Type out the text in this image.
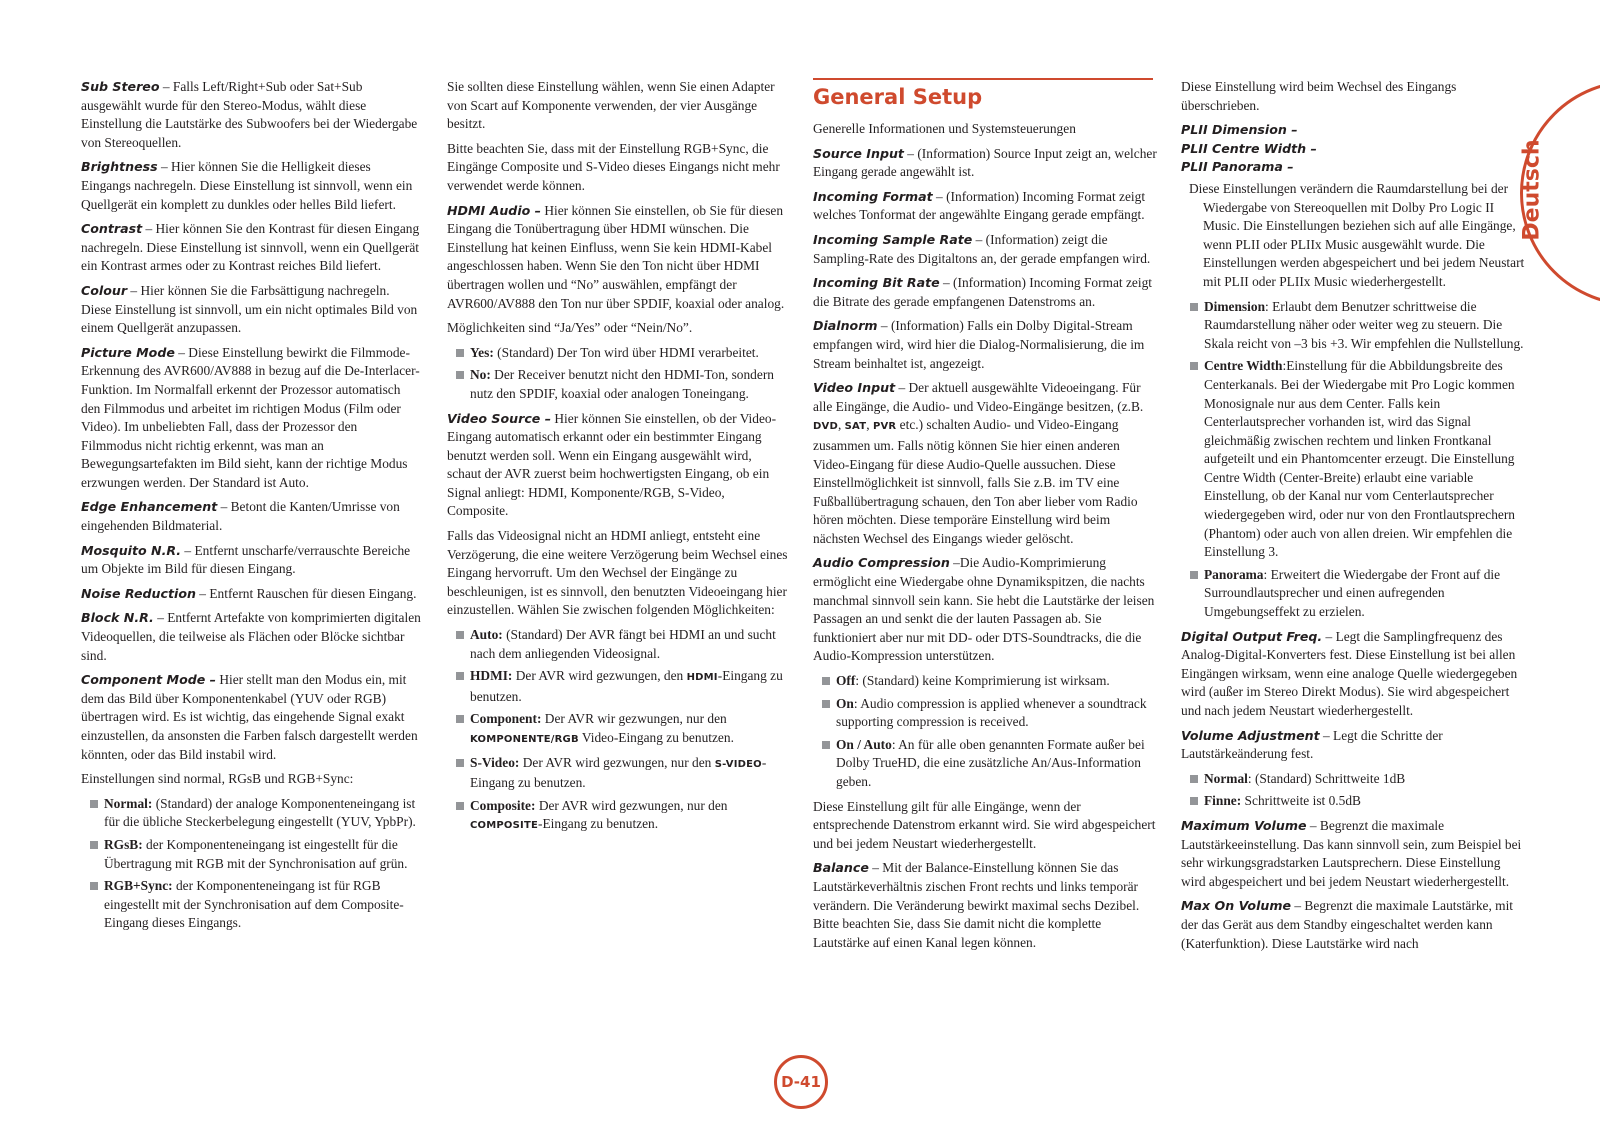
Sub Stereo – Falls Left/Right+Sub oder Sat+Sub ausgewählt wurde für den Stereo-Modus, wählt diese Einstellung die Lautstärke des Subwoofers bei der Wiedergabe von Stereoquellen.

Brightness – Hier können Sie die Helligkeit dieses Eingangs nachregeln. Diese Einstellung ist sinnvoll, wenn ein Quellgerät ein komplett zu dunkles oder helles Bild liefert.

Contrast – Hier können Sie den Kontrast für diesen Eingang nachregeln. Diese Einstellung ist sinnvoll, wenn ein Quellgerät ein Kontrast armes oder zu Kontrast reiches Bild liefert.

Colour – Hier können Sie die Farbsättigung nachregeln. Diese Einstellung ist sinnvoll, um ein nicht optimales Bild von einem Quellgerät anzupassen.

Picture Mode – Diese Einstellung bewirkt die Filmmode-Erkennung des AVR600/AV888 in bezug auf die De-Interlacer-Funktion. Im Normalfall erkennt der Prozessor automatisch den Filmmodus und arbeitet im richtigen Modus (Film oder Video). Im unbeliebten Fall, dass der Prozessor den Filmmodus nicht richtig erkennt, was man an Bewegungsartefakten im Bild sieht, kann der richtige Modus erzwungen werden. Der Standard ist Auto.

Edge Enhancement – Betont die Kanten/Umrisse von eingehenden Bildmaterial.

Mosquito N.R. – Entfernt unscharfe/verrauschte Bereiche um Objekte im Bild für diesen Eingang.

Noise Reduction – Entfernt Rauschen für diesen Eingang.

Block N.R. – Entfernt Artefakte von komprimierten digitalen Videoquellen, die teilweise als Flächen oder Blöcke sichtbar sind.

Component Mode – Hier stellt man den Modus ein, mit dem das Bild über Komponentenkabel (YUV oder RGB) übertragen wird. Es ist wichtig, das eingehende Signal exakt einzustellen, da ansonsten die Farben falsch dargestellt werden könnten, oder das Bild instabil wird.

Einstellungen sind normal, RGsB und RGB+Sync:

Normal: (Standard) der analoge Komponenteneingang ist für die übliche Steckerbelegung eingestellt (YUV, YpbPr).
RGsB: der Komponenteneingang ist eingestellt für die Übertragung mit RGB mit der Synchronisation auf grün.
RGB+Sync: der Komponenteneingang ist für RGB eingestellt mit der Synchronisation auf dem Composite-Eingang dieses Eingangs.

Sie sollten diese Einstellung wählen, wenn Sie einen Adapter von Scart auf Komponente verwenden, der vier Ausgänge besitzt.

Bitte beachten Sie, dass mit der Einstellung RGB+Sync, die Eingänge Composite und S-Video dieses Eingangs nicht mehr verwendet werde können.

HDMI Audio – Hier können Sie einstellen, ob Sie für diesen Eingang die Tonübertragung über HDMI wünschen. Die Einstellung hat keinen Einfluss, wenn Sie kein HDMI-Kabel angeschlossen haben. Wenn Sie den Ton nicht über HDMI übertragen wollen und “No” auswählen, empfängt der AVR600/AV888 den Ton nur über SPDIF, koaxial oder analog.

Möglichkeiten sind “Ja/Yes” oder “Nein/No”.

Yes: (Standard) Der Ton wird über HDMI verarbeitet.
No: Der Receiver benutzt nicht den HDMI-Ton, sondern nutz den SPDIF, koaxial oder analogen Toneingang.

Video Source – Hier können Sie einstellen, ob der Video-Eingang automatisch erkannt oder ein bestimmter Eingang benutzt werden soll. Wenn ein Eingang ausgewählt wird, schaut der AVR zuerst beim hochwertigsten Eingang, ob ein Signal anliegt: HDMI, Komponente/RGB, S-Video, Composite.

Falls das Videosignal nicht an HDMI anliegt, entsteht eine Verzögerung, die eine weitere Verzögerung beim Wechsel eines Eingang hervorruft. Um den Wechsel der Eingänge zu beschleunigen, ist es sinnvoll, den benutzten Videoeingang hier einzustellen. Wählen Sie zwischen folgenden Möglichkeiten:

Auto: (Standard) Der AVR fängt bei HDMI an und sucht nach dem anliegenden Videosignal.
HDMI: Der AVR wird gezwungen, den HDMI-Eingang zu benutzen.
Component: Der AVR wir gezwungen, nur den KOMPONENTE/RGB Video-Eingang zu benutzen.
S-Video: Der AVR wird gezwungen, nur den S-VIDEO-Eingang zu benutzen.
Composite: Der AVR wird gezwungen, nur den COMPOSITE-Eingang zu benutzen.
General Setup

Generelle Informationen und Systemsteuerungen

Source Input – (Information) Source Input zeigt an, welcher Eingang gerade angewählt ist.

Incoming Format – (Information) Incoming Format zeigt welches Tonformat der angewählte Eingang gerade empfängt.

Incoming Sample Rate – (Information) zeigt die Sampling-Rate des Digitaltons an, der gerade empfangen wird.

Incoming Bit Rate – (Information) Incoming Format zeigt die Bitrate des gerade empfangenen Datenstroms an.

Dialnorm – (Information) Falls ein Dolby Digital-Stream empfangen wird, wird hier die Dialog-Normalisierung, die im Stream beinhaltet ist, angezeigt.

Video Input – Der aktuell ausgewählte Videoeingang. Für alle Eingänge, die Audio- und Video-Eingänge besitzen, (z.B. DVD, SAT, PVR etc.) schalten Audio- und Video-Eingang zusammen um. Falls nötig können Sie hier einen anderen Video-Eingang für diese Audio-Quelle aussuchen. Diese Einstellmöglichkeit ist sinnvoll, falls Sie z.B. im TV eine Fußballübertragung schauen, den Ton aber lieber vom Radio hören möchten. Diese temporäre Einstellung wird beim nächsten Wechsel des Eingangs wieder gelöscht.

Audio Compression –Die Audio-Komprimierung ermöglicht eine Wiedergabe ohne Dynamikspitzen, die nachts manchmal sinnvoll sein kann. Sie hebt die Lautstärke der leisen Passagen an und senkt die der lauten Passagen ab. Sie funktioniert aber nur mit DD- oder DTS-Soundtracks, die die Audio-Kompression unterstützen.

Off: (Standard) keine Komprimierung ist wirksam.
On: Audio compression is applied whenever a soundtrack supporting compression is received.
On / Auto: An für alle oben genannten Formate außer bei Dolby TrueHD, die eine zusätzliche An/Aus-Information geben.

Diese Einstellung gilt für alle Eingänge, wenn der entsprechende Datenstrom erkannt wird. Sie wird abgespeichert und bei jedem Neustart wiederhergestellt.

Balance – Mit der Balance-Einstellung können Sie das Lautstärkeverhältnis zischen Front rechts und links temporär verändern. Die Veränderung bewirkt maximal sechs Dezibel. Bitte beachten Sie, dass Sie damit nicht die komplette Lautstärke auf einen Kanal legen können.

Diese Einstellung wird beim Wechsel des Eingangs überschrieben.

PLII Dimension –
PLII Centre Width –
PLII Panorama –

Diese Einstellungen verändern die Raumdarstellung bei der Wiedergabe von Stereoquellen mit Dolby Pro Logic II Music. Die Einstellungen beziehen sich auf alle Eingänge, wenn PLII oder PLIIx Music ausgewählt wurde. Die Einstellungen werden abgespeichert und bei jedem Neustart mit PLII oder PLIIx Music wiederhergestellt.

Dimension: Erlaubt dem Benutzer schrittweise die Raumdarstellung näher oder weiter weg zu steuern. Die Skala reicht von –3 bis +3. Wir empfehlen die Nullstellung.
Centre Width:Einstellung für die Abbildungsbreite des Centerkanals. Bei der Wiedergabe mit Pro Logic kommen Monosignale nur aus dem Center. Falls kein Centerlautsprecher vorhanden ist, wird das Signal gleichmäßig zwischen rechtem und linken Frontkanal aufgeteilt und ein Phantomcenter erzeugt. Die Einstellung Centre Width (Center-Breite) erlaubt eine variable Einstellung, ob der Kanal nur vom Centerlautsprecher wiedergegeben wird, oder nur von den Frontlautsprechern (Phantom) oder auch von allen dreien. Wir empfehlen die Einstellung 3.
Panorama: Erweitert die Wiedergabe der Front auf die Surroundlautsprecher und einen aufregenden Umgebungseffekt zu erzielen.

Digital Output Freq. – Legt die Samplingfrequenz des Analog-Digital-Konverters fest. Diese Einstellung ist bei allen Eingängen wirksam, wenn eine analoge Quelle wiedergegeben wird (außer im Stereo Direkt Modus). Sie wird abgespeichert und nach jedem Neustart wiederhergestellt.

Volume Adjustment – Legt die Schritte der Lautstärkeänderung fest.

Normal: (Standard) Schrittweite 1dB
Finne: Schrittweite ist 0.5dB

Maximum Volume – Begrenzt die maximale Lautstärkeeinstellung. Das kann sinnvoll sein, zum Beispiel bei sehr wirkungsgradstarken Lautsprechern. Diese Einstellung wird abgespeichert und bei jedem Neustart wiederhergestellt.

Max On Volume – Begrenzt die maximale Lautstärke, mit der das Gerät aus dem Standby eingeschaltet werden kann (Katerfunktion). Diese Lautstärke wird nach

Deutsch
D-41
